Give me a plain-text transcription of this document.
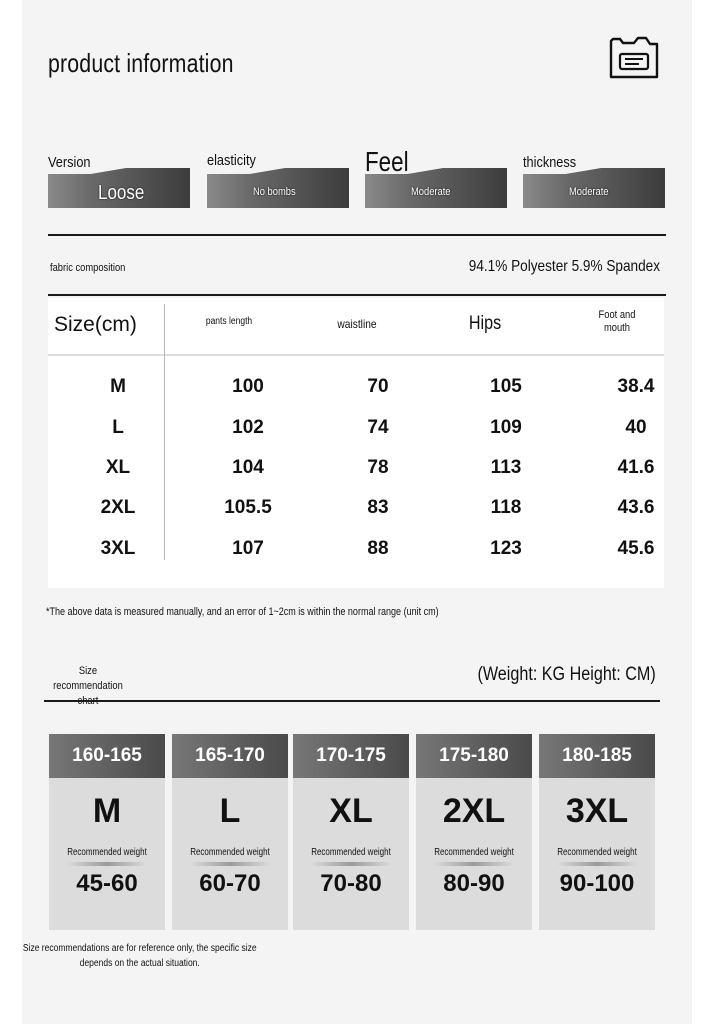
product information
Version
Loose
elasticity
No bombs
Feel
Moderate
thickness
Moderate
fabric composition	94.1% Polyester 5.9% Spandex
Size(cm)	pants length	waistline	Hips	Foot and mouth
M	100	70	105	38.4
L	102	74	109	40
XL	104	78	113	41.6
2XL	105.5	83	118	43.6
3XL	107	88	123	45.6
*The above data is measured manually, and an error of 1~2cm is within the normal range (unit cm)
Size recommendation
(Weight: KG Height: CM)
160-165
M
Recommended weight
45-60
165-170
L
Recommended weight
60-70
170-175
XL
Recommended weight
70-80
175-180
2XL
Recommended weight
80-90
180-185
3XL
Recommended weight
90-100
Size recommendations are for reference only, the specific size depends on the actual situation.
